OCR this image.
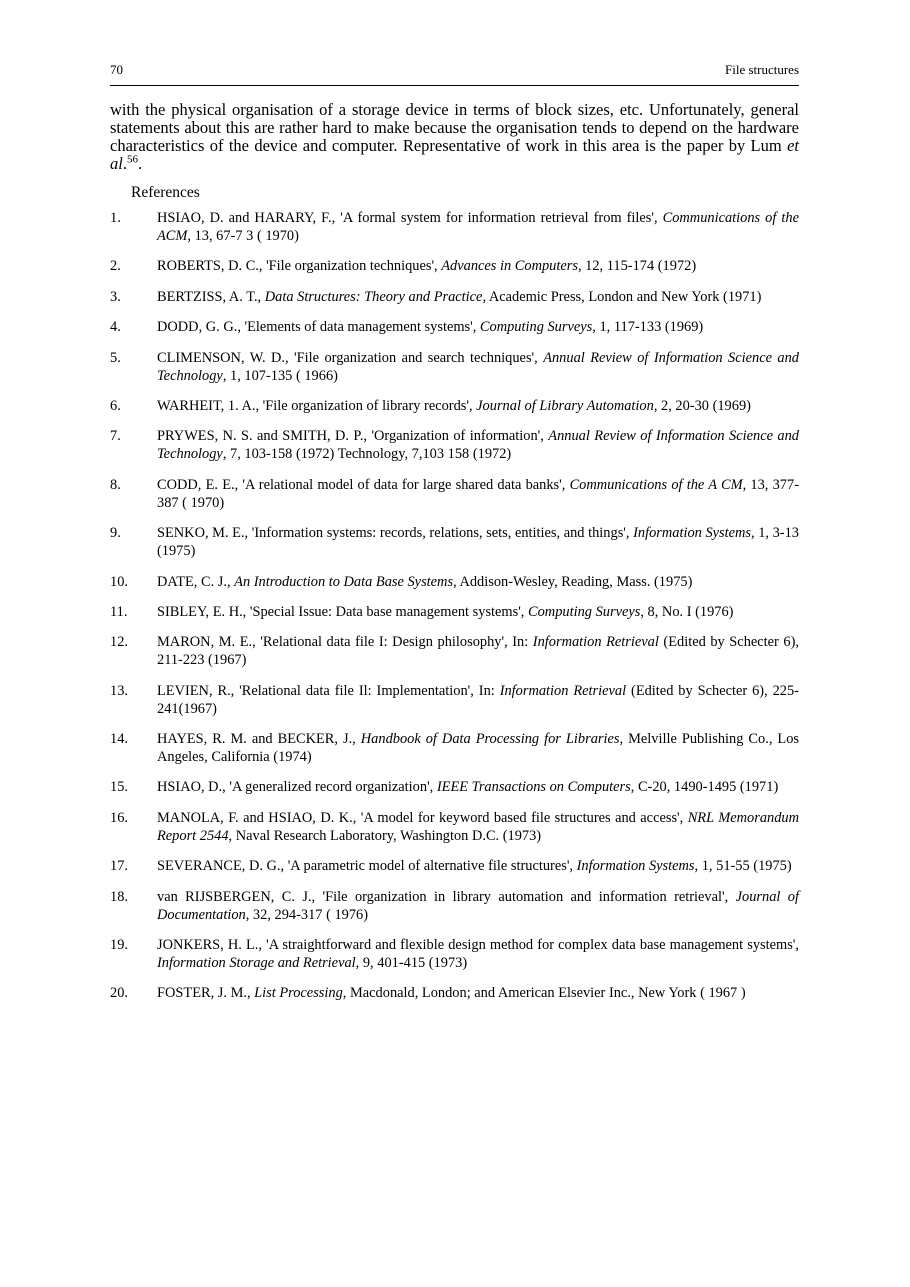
70	File structures

with the physical organisation of a storage device in terms of block sizes, etc. Unfortunately, general statements about this are rather hard to make because the organisation tends to depend on the hardware characteristics of the device and computer. Representative of work in this area is the paper by Lum et al.$^{56}$.

References
1.	HSIAO, D. and HARARY, F., 'A formal system for information retrieval from files', Communications of the ACM, 13, 67-7 3 ( 1970)
2.	ROBERTS, D. C., 'File organization techniques', Advances in Computers, 12, 115-174 (1972)
3.	BERTZISS, A. T., Data Structures: Theory and Practice, Academic Press, London and New York (1971)
4.	DODD, G. G., 'Elements of data management systems', Computing Surveys, 1, 117-133 (1969)
5.	CLIMENSON, W. D., 'File organization and search techniques', Annual Review of Information Science and Technology, 1, 107-135 ( 1966)
6.	WARHEIT, 1. A., 'File organization of library records', Journal of Library Automation, 2, 20-30 (1969)
7.	PRYWES, N. S. and SMITH, D. P., 'Organization of information', Annual Review of Information Science and Technology, 7, 103-158 (1972) Technology, 7,103 158 (1972)
8.	CODD, E. E., 'A relational model of data for large shared data banks', Communications of the A CM, 13, 377-387 ( 1970)
9.	SENKO, M. E., 'Information systems: records, relations, sets, entities, and things', Information Systems, 1, 3-13 (1975)
10.	DATE, C. J., An Introduction to Data Base Systems, Addison-Wesley, Reading, Mass. (1975)
11.	SIBLEY, E. H., 'Special Issue: Data base management systems', Computing Surveys, 8, No. I (1976)
12.	MARON, M. E., 'Relational data file I: Design philosophy', In: Information Retrieval (Edited by Schecter 6), 211-223 (1967)
13.	LEVIEN, R., 'Relational data file Il: Implementation', In: Information Retrieval (Edited by Schecter 6), 225-241(1967)
14.	HAYES, R. M. and BECKER, J., Handbook of Data Processing for Libraries, Melville Publishing Co., Los Angeles, California (1974)
15.	HSIAO, D., 'A generalized record organization', IEEE Transactions on Computers, C-20, 1490-1495 (1971)
16.	MANOLA, F. and HSIAO, D. K., 'A model for keyword based file structures and access', NRL Memorandum Report 2544, Naval Research Laboratory, Washington D.C. (1973)
17.	SEVERANCE, D. G., 'A parametric model of alternative file structures', Information Systems, 1, 51-55 (1975)
18.	van RIJSBERGEN, C. J., 'File organization in library automation and information retrieval', Journal of Documentation, 32, 294-317 ( 1976)
19.	JONKERS, H. L., 'A straightforward and flexible design method for complex data base management systems', Information Storage and Retrieval, 9, 401-415 (1973)
20.	FOSTER, J. M., List Processing, Macdonald, London; and American Elsevier Inc., New York ( 1967 )
